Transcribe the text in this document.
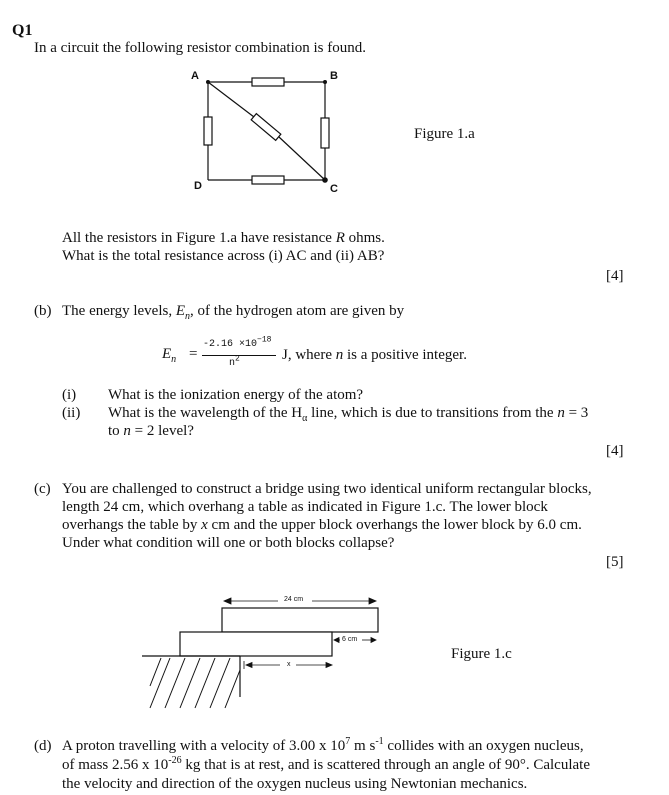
Q1
In a circuit the following resistor combination is found.
A	B
C
D
Figure 1.a
All the resistors in Figure 1.a have resistance R ohms.
What is the total resistance across (i) AC and (ii) AB?
[4]
(b) The energy levels, $E_n$, of the hydrogen atom are given by
$E_n$ =
$-2.16 \times 10^{-18}$
$n^2$	J, where n is a positive integer.
(i) What is the ionization energy of the atom?
(ii) What is the wavelength of the $H_\alpha$ line, which is due to transitions from the n = 3
to n = 2 level?
[4]
(c) You are challenged to construct a bridge using two identical uniform rectangular blocks,
length 24 cm, which overhang a table as indicated in Figure 1.c. The lower block
overhangs the table by x cm and the upper block overhangs the lower block by 6.0 cm.
Under what condition will one or both blocks collapse?
[5]
24 cm
6 cm
x
Figure 1.c
(d) A proton travelling with a velocity of 3.00 x $10^7$ m $s^{-1}$ collides with an oxygen nucleus,
of mass 2.56 x $10^{-26}$ kg that is at rest, and is scattered through an angle of 90°. Calculate
the velocity and direction of the oxygen nucleus using Newtonian mechanics.
